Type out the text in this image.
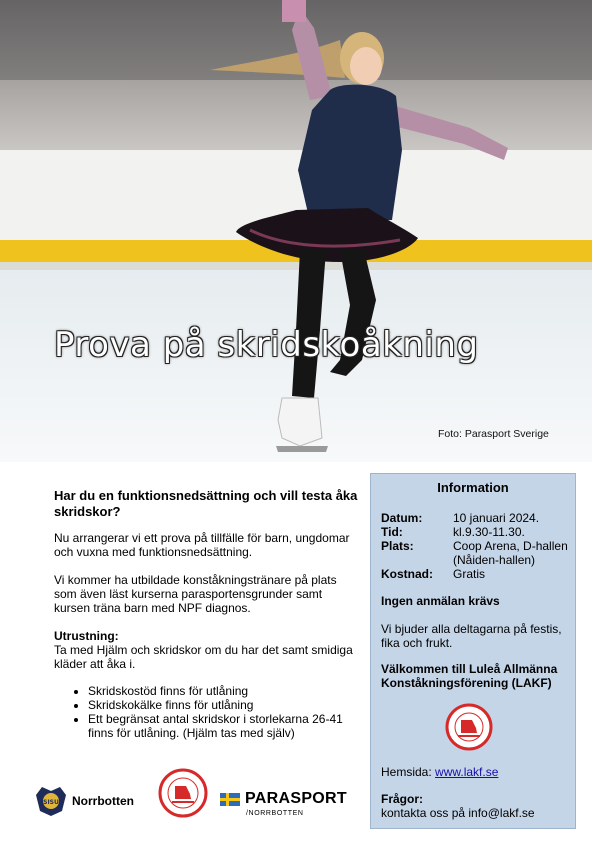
Prova på skridskoåkning
Foto: Parasport Sverige
Har du en funktionsnedsättning och vill testa åka skridskor?

Nu arrangerar vi ett prova på tillfälle för barn, ungdomar och vuxna med funktionsnedsättning.

Vi kommer ha utbildade konståkningstränare på plats som även läst kurserna parasportensgrunder samt kursen träna barn med NPF diagnos.

Utrustning:
Ta med Hjälm och skridskor om du har det samt smidiga kläder att åka i.
• Skridskostöd finns för utlåning
• Skridskokälke finns för utlåning
• Ett begränsat antal skridskor i storlekarna 26-41 finns för utlåning. (Hjälm tas med själv)
SISU Norrbotten	PARASPORT
/NORRBOTTEN
Information
Datum:	10 januari 2024.
Tid:	kl.9.30-11.30.
Plats:	Coop Arena, D-hallen (Nåiden-hallen)
Kostnad:	Gratis
Ingen anmälan krävs
Vi bjuder alla deltagarna på festis, fika och frukt.
Välkommen till Luleå Allmänna Konståkningsförening (LAKF)
Hemsida: www.lakf.se
Frågor:
kontakta oss på info@lakf.se
